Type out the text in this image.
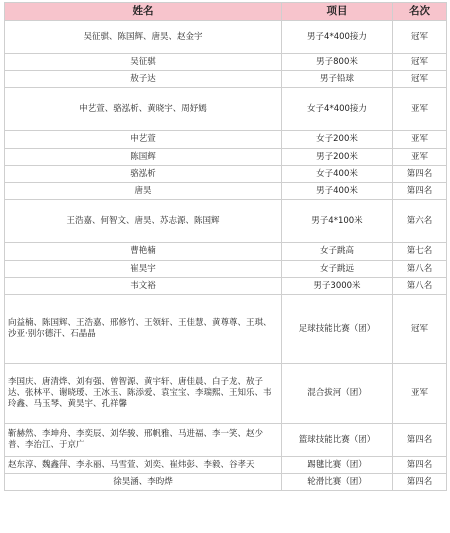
姓名	项目	名次
吴征骐、陈国辉、唐昊、赵金宇	男子4*400接力	冠军
吴征骐	男子800米	冠军
敖子达	男子铅球	冠军
申艺萱、骆泓析、黄晓宇、周妤嫣	女子4*400接力	亚军
申艺萱	女子200米	亚军
陈国辉	男子200米	亚军
骆泓析	女子400米	第四名
唐昊	男子400米	第四名
王浩嘉、何智文、唐昊、苏志源、陈国辉	男子4*100米	第六名
曹艳楠	女子跳高	第七名
崔昊宇	女子跳远	第八名
韦文裕	男子3000米	第八名
向益楠、陈国辉、王浩嘉、邢修竹、王领轩、王佳慧、黄尊尊、王琪、沙亚·别尔德汗、石晶晶	足球技能比赛（团）	冠军
李国庆、唐清烨、刘有强、曾智源、黄宇轩、唐佳晨、白子龙、敖子达、张林平、谢晓瑷、王冰玉、陈添爱、袁宝宝、李瑞熙、王知乐、韦玲鑫、马玉琴、黄昊宇、孔祥馨	混合拔河（团）	亚军
靳赫然、李坤舟、李奕辰、刘华骏、邢帆雅、马进福、李一笑、赵少普、李治江、于京广	篮球技能比赛（团）	第四名
赵东淳、魏鑫萍、李永丽、马雪萱、刘奕、崔炜彭、李毅、谷孝天	踢毽比赛（团）	第四名
徐昊涵、李昀烨	轮滑比赛（团）	第四名
